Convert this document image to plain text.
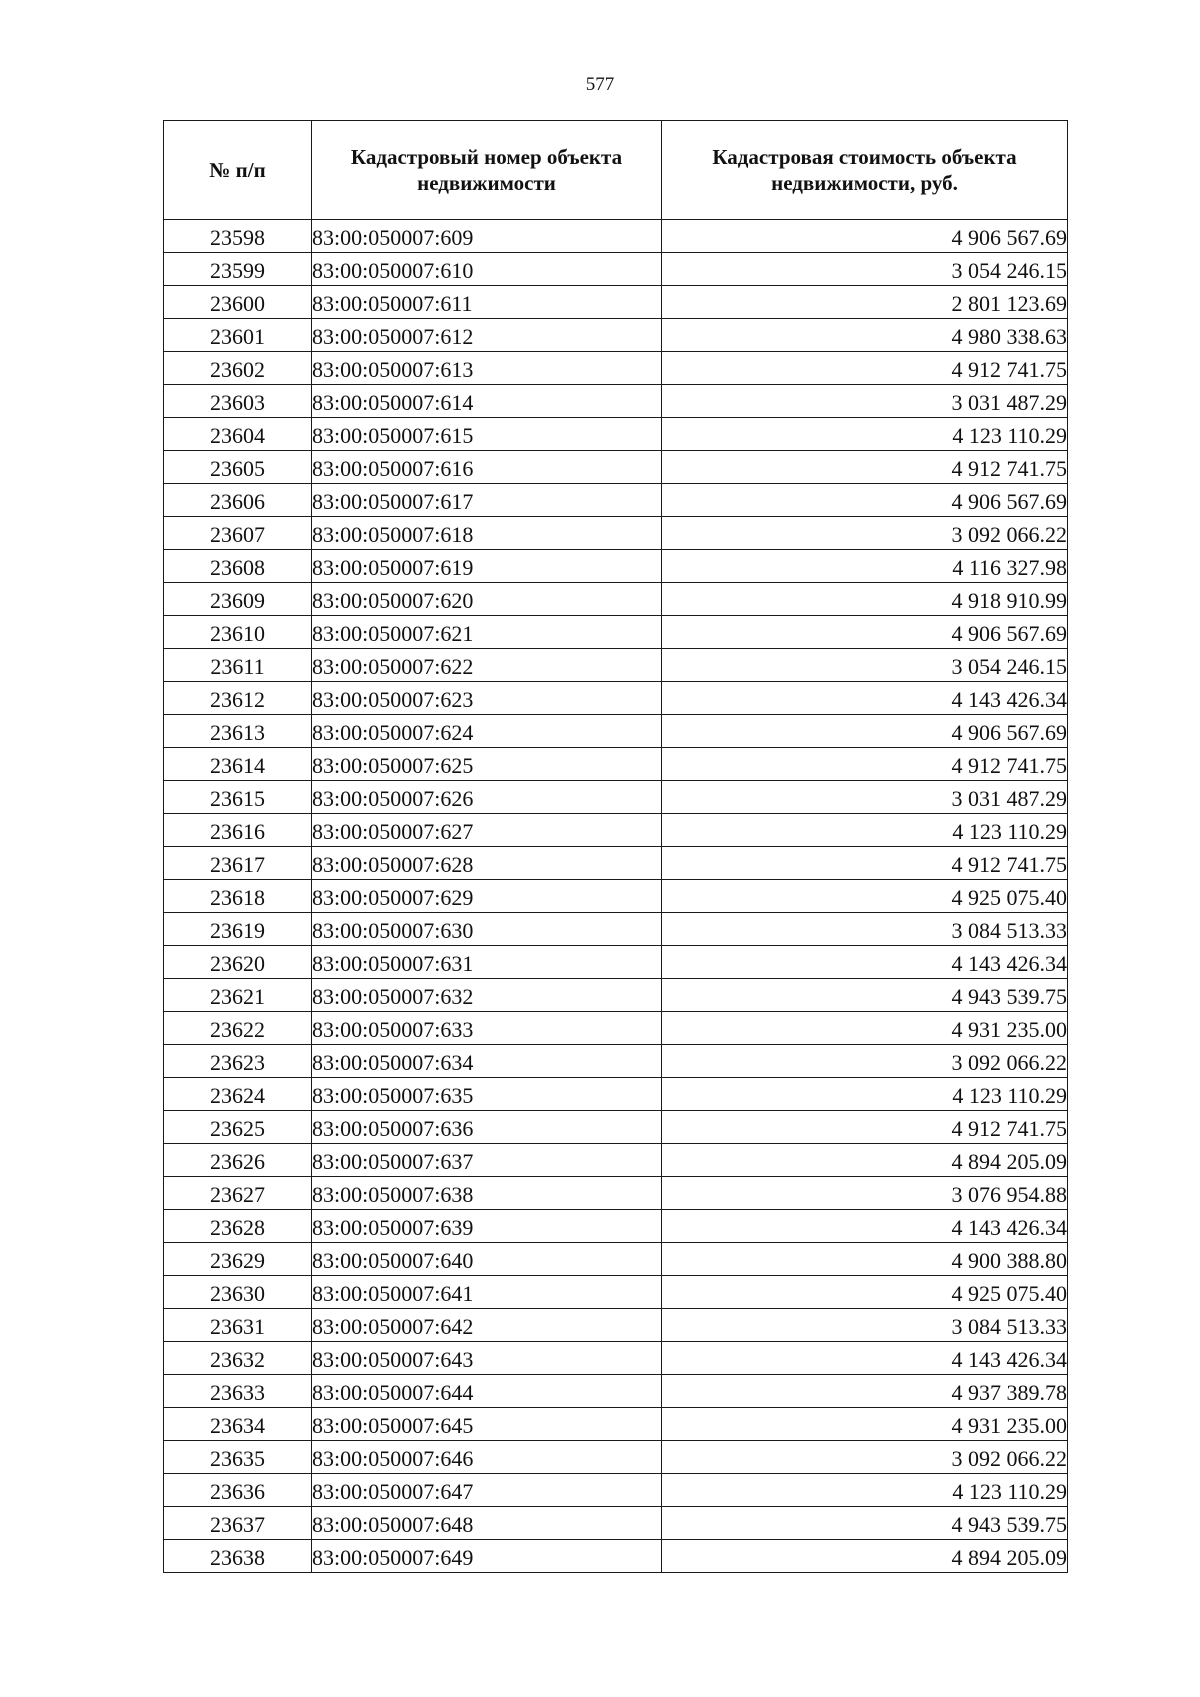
577
№ п/п	Кадастровый номер объекта недвижимости	Кадастровая стоимость объекта недвижимости, руб.
23598	83:00:050007:609	4 906 567.69
23599	83:00:050007:610	3 054 246.15
23600	83:00:050007:611	2 801 123.69
23601	83:00:050007:612	4 980 338.63
23602	83:00:050007:613	4 912 741.75
23603	83:00:050007:614	3 031 487.29
23604	83:00:050007:615	4 123 110.29
23605	83:00:050007:616	4 912 741.75
23606	83:00:050007:617	4 906 567.69
23607	83:00:050007:618	3 092 066.22
23608	83:00:050007:619	4 116 327.98
23609	83:00:050007:620	4 918 910.99
23610	83:00:050007:621	4 906 567.69
23611	83:00:050007:622	3 054 246.15
23612	83:00:050007:623	4 143 426.34
23613	83:00:050007:624	4 906 567.69
23614	83:00:050007:625	4 912 741.75
23615	83:00:050007:626	3 031 487.29
23616	83:00:050007:627	4 123 110.29
23617	83:00:050007:628	4 912 741.75
23618	83:00:050007:629	4 925 075.40
23619	83:00:050007:630	3 084 513.33
23620	83:00:050007:631	4 143 426.34
23621	83:00:050007:632	4 943 539.75
23622	83:00:050007:633	4 931 235.00
23623	83:00:050007:634	3 092 066.22
23624	83:00:050007:635	4 123 110.29
23625	83:00:050007:636	4 912 741.75
23626	83:00:050007:637	4 894 205.09
23627	83:00:050007:638	3 076 954.88
23628	83:00:050007:639	4 143 426.34
23629	83:00:050007:640	4 900 388.80
23630	83:00:050007:641	4 925 075.40
23631	83:00:050007:642	3 084 513.33
23632	83:00:050007:643	4 143 426.34
23633	83:00:050007:644	4 937 389.78
23634	83:00:050007:645	4 931 235.00
23635	83:00:050007:646	3 092 066.22
23636	83:00:050007:647	4 123 110.29
23637	83:00:050007:648	4 943 539.75
23638	83:00:050007:649	4 894 205.09
